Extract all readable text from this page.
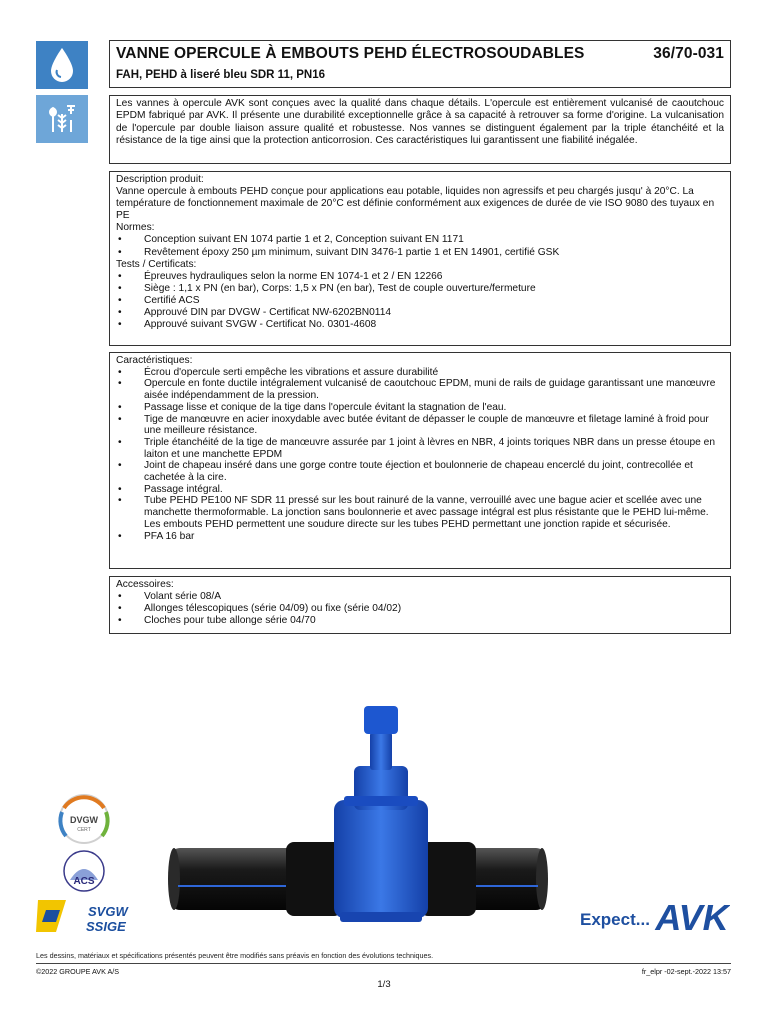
VANNE OPERCULE À EMBOUTS PEHD ÉLECTROSOUDABLES	36/70-031
FAH, PEHD à liseré bleu SDR 11, PN16

Les vannes à opercule AVK sont conçues avec la qualité dans chaque détails. L'opercule est entièrement vulcanisé de caoutchouc EPDM fabriqué par AVK. Il présente une durabilité exceptionnelle grâce à sa capacité à retrouver sa forme d'origine. La vulcanisation de l'opercule par double liaison assure qualité et robustesse. Nos vannes se distinguent également par la triple étanchéité et la résistance de la tige ainsi que la protection anticorrosion. Ces caractéristiques lui garantissent une fiabilité inégalée.

Description produit:

Vanne opercule à embouts PEHD conçue pour applications eau potable, liquides non agressifs et peu chargés jusqu' à 20°C. La température de fonctionnement maximale de 20°C est définie conformément aux exigences de durée de vie ISO 9080 des tuyaux en PE

Normes:

• Conception suivant EN 1074 partie 1 et 2, Conception suivant EN 1171
• Revêtement époxy 250 µm minimum, suivant DIN 3476-1 partie 1 et EN 14901, certifié GSK

Tests / Certificats:

• Épreuves hydrauliques selon la norme EN 1074-1 et 2 / EN 12266
• Siège : 1,1 x PN (en bar), Corps: 1,5 x PN (en bar), Test de couple ouverture/fermeture
• Certifié ACS
• Approuvé DIN par DVGW - Certificat NW-6202BN0114
• Approuvé suivant SVGW - Certificat No. 0301-4608

Caractéristiques:

• Écrou d'opercule serti empêche les vibrations et assure durabilité
• Opercule en fonte ductile intégralement vulcanisé de caoutchouc EPDM, muni de rails de guidage garantissant une manœuvre aisée indépendamment de la pression.
• Passage lisse et conique de la tige dans l'opercule évitant la stagnation de l'eau.
• Tige de manœuvre en acier inoxydable avec butée évitant de dépasser le couple de manœuvre et filetage laminé à froid pour une meilleure résistance.
• Triple étanchéité de la tige de manœuvre assurée par 1 joint à lèvres en NBR, 4 joints toriques NBR dans un presse étoupe en laiton et une manchette EPDM
• Joint de chapeau inséré dans une gorge contre toute éjection et boulonnerie de chapeau encerclé du joint, contrecollée et cachetée à la cire.
• Passage intégral.
• Tube PEHD PE100 NF SDR 11 pressé sur les bout rainuré de la vanne, verrouillé avec une bague acier et scellée avec une manchette thermoformable. La jonction sans boulonnerie et avec passage intégral est plus résistante que le PEHD lui-même. Les embouts PEHD permettent une soudure directe sur les tubes PEHD permettant une jonction rapide et sécurisée.
• PFA 16 bar

Accessoires:

• Volant série 08/A
• Allonges télescopiques (série 04/09) ou fixe (série 04/02)
• Cloches pour tube allonge série 04/70
DVGW
CERT
ACS
SVGW
SSIGE	Expect... AVK
Les dessins, matériaux et spécifications présentés peuvent être modifiés sans préavis en fonction des évolutions techniques.
©2022 GROUPE AVK A/S	fr_elpr -02-sept.-2022 13:57
1/3
